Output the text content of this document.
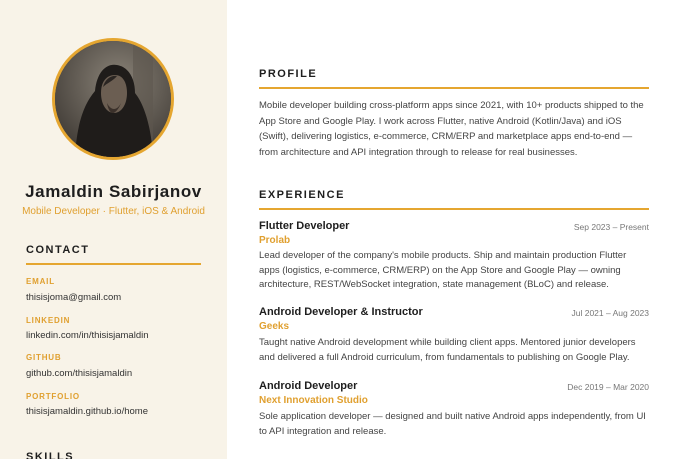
Jamaldin Sabirjanov
Mobile Developer · Flutter, iOS & Android
CONTACT
EMAIL
thisisjoma@gmail.com
LINKEDIN
linkedin.com/in/thisisjamaldin
GITHUB
github.com/thisisjamaldin
PORTFOLIO
thisisjamaldin.github.io/home
SKILLS
PROFILE

Mobile developer building cross-platform apps since 2021, with 10+ products shipped to the App Store and Google Play. I work across Flutter, native Android (Kotlin/Java) and iOS (Swift), delivering logistics, e-commerce, CRM/ERP and marketplace apps end-to-end — from architecture and API integration through to release for real businesses.

EXPERIENCE
Flutter Developer	Sep 2023 – Present
Prolab

Lead developer of the company's mobile products. Ship and maintain production Flutter apps (logistics, e-commerce, CRM/ERP) on the App Store and Google Play — owning architecture, REST/WebSocket integration, state management (BLoC) and release.

Android Developer & Instructor	Jul 2021 – Aug 2023
Geeks

Taught native Android development while building client apps. Mentored junior developers and delivered a full Android curriculum, from fundamentals to publishing on Google Play.

Android Developer	Dec 2019 – Mar 2020
Next Innovation Studio

Sole application developer — designed and built native Android apps independently, from UI to API integration and release.
